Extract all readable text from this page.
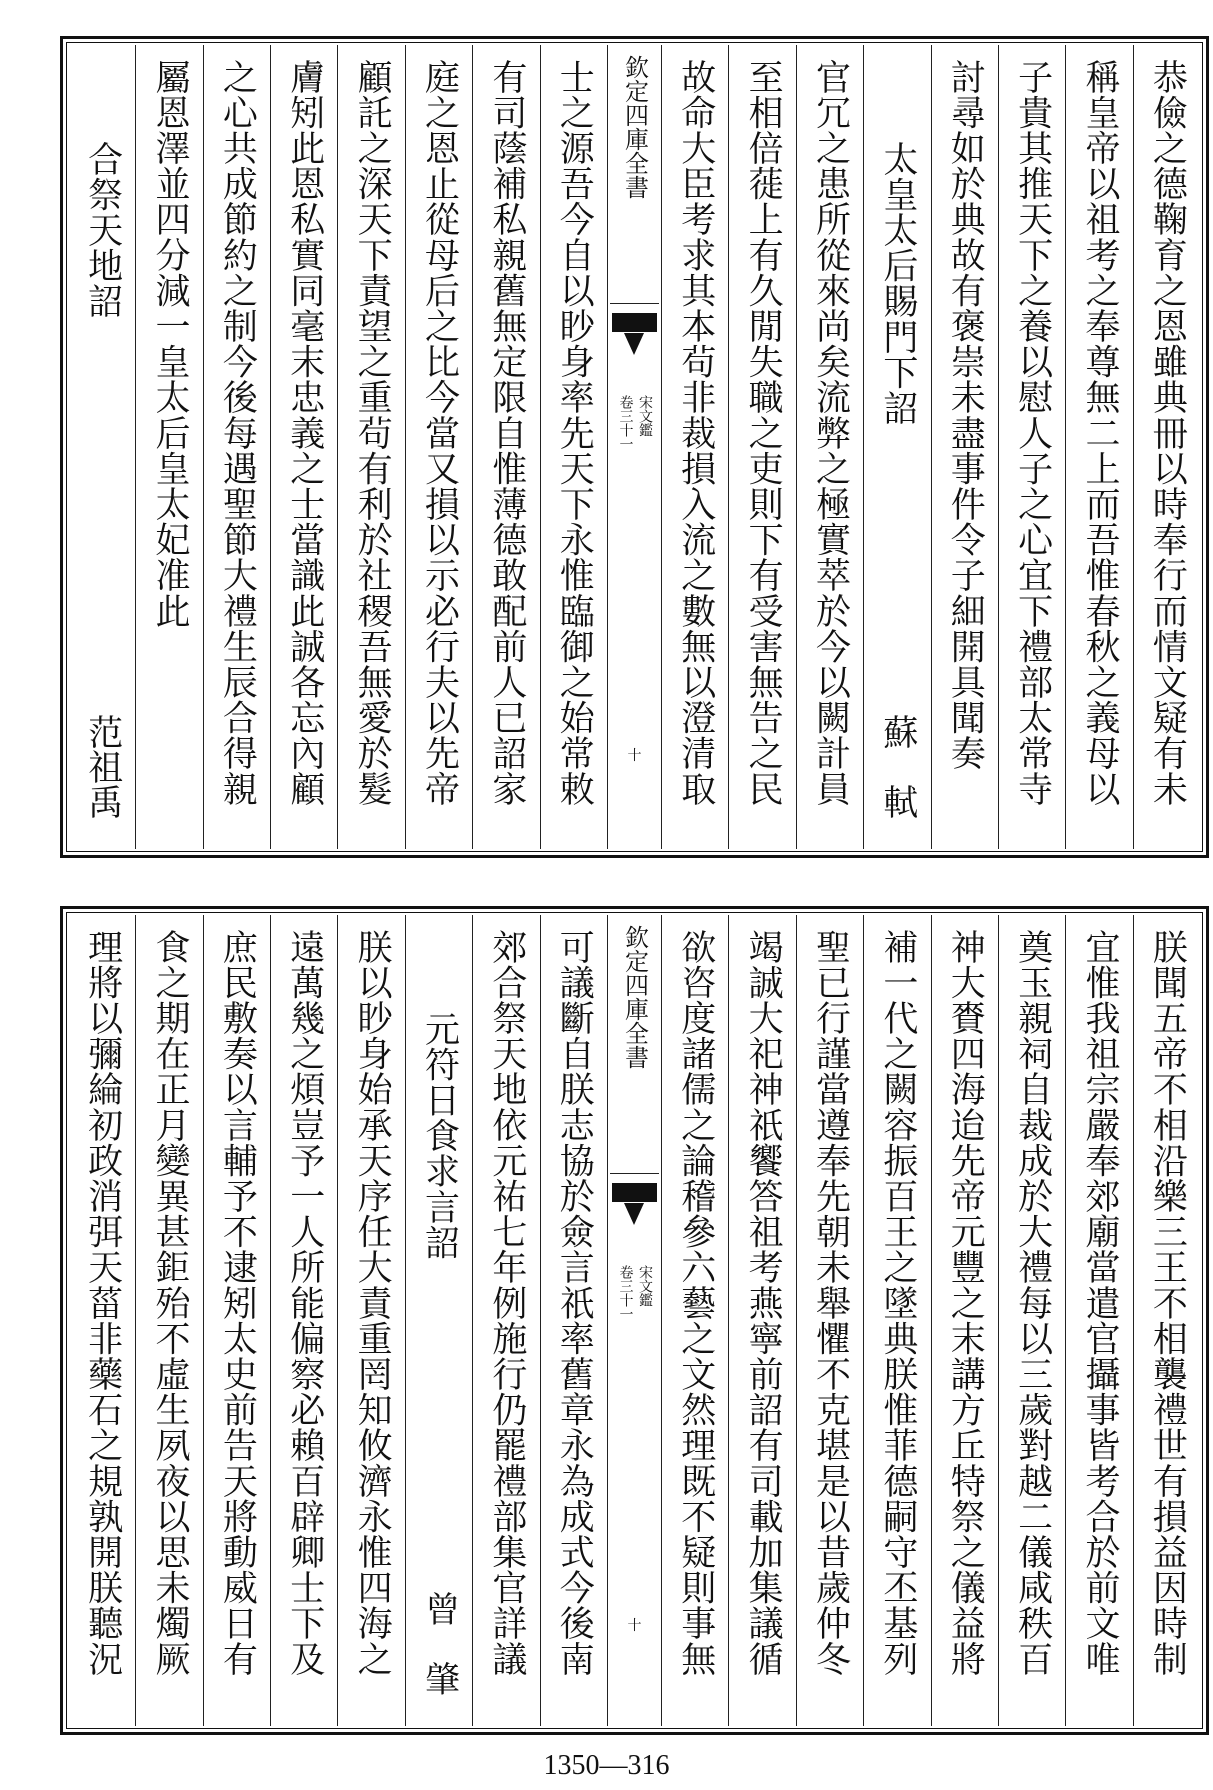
恭儉之德鞠育之恩雖典冊以時奉行而情文疑有未
稱皇帝以祖考之奉尊無二上而吾惟春秋之義母以
子貴其推天下之養以慰人子之心宜下禮部太常寺
討尋如於典故有褒崇未盡事件令子細開具聞奏
太皇太后賜門下詔
蘇　軾
官冗之患所從來尚矣流弊之極實萃於今以闕計員
至相倍蓰上有久閒失職之吏則下有受害無告之民
故命大臣考求其本茍非裁損入流之數無以澄清取
欽定四庫全書
宋文鑑
卷三十一
十
士之源吾今自以眇身率先天下永惟臨御之始常敕
有司蔭補私親舊無定限自惟薄德敢配前人已詔家
庭之恩止從母后之比今當又損以示必行夫以先帝
顧託之深天下責望之重茍有利於社稷吾無愛於髮
膚矧此恩私實同毫末忠義之士當識此誠各忘內顧
之心共成節約之制今後每遇聖節大禮生辰合得親
屬恩澤並四分減一皇太后皇太妃准此
合祭天地詔
范祖禹
朕聞五帝不相沿樂三王不相襲禮世有損益因時制
宜惟我祖宗嚴奉郊廟當遣官攝事皆考合於前文唯
奠玉親祠自裁成於大禮每以三歲對越二儀咸秩百
神大賚四海迨先帝元豐之末講方丘特祭之儀益將
補一代之闕容振百王之墜典朕惟菲德嗣守丕基列
聖已行謹當遵奉先朝未舉懼不克堪是以昔歲仲冬
竭誠大祀神祇饗答祖考燕寧前詔有司載加集議循
欲咨度諸儒之論稽參六藝之文然理既不疑則事無
欽定四庫全書
宋文鑑
卷三十一
十
可議斷自朕志協於僉言祇率舊章永為成式今後南
郊合祭天地依元祐七年例施行仍罷禮部集官詳議
元符日食求言詔
曾　肇
朕以眇身始承天序任大責重罔知攸濟永惟四海之
遠萬幾之煩豈予一人所能偏察必賴百辟卿士下及
庶民敷奏以言輔予不逮矧太史前告天將動威日有
食之期在正月變異甚鉅殆不虛生夙夜以思未燭厥
理將以彌綸初政消弭天菑非藥石之規孰開朕聽況
1350—316
